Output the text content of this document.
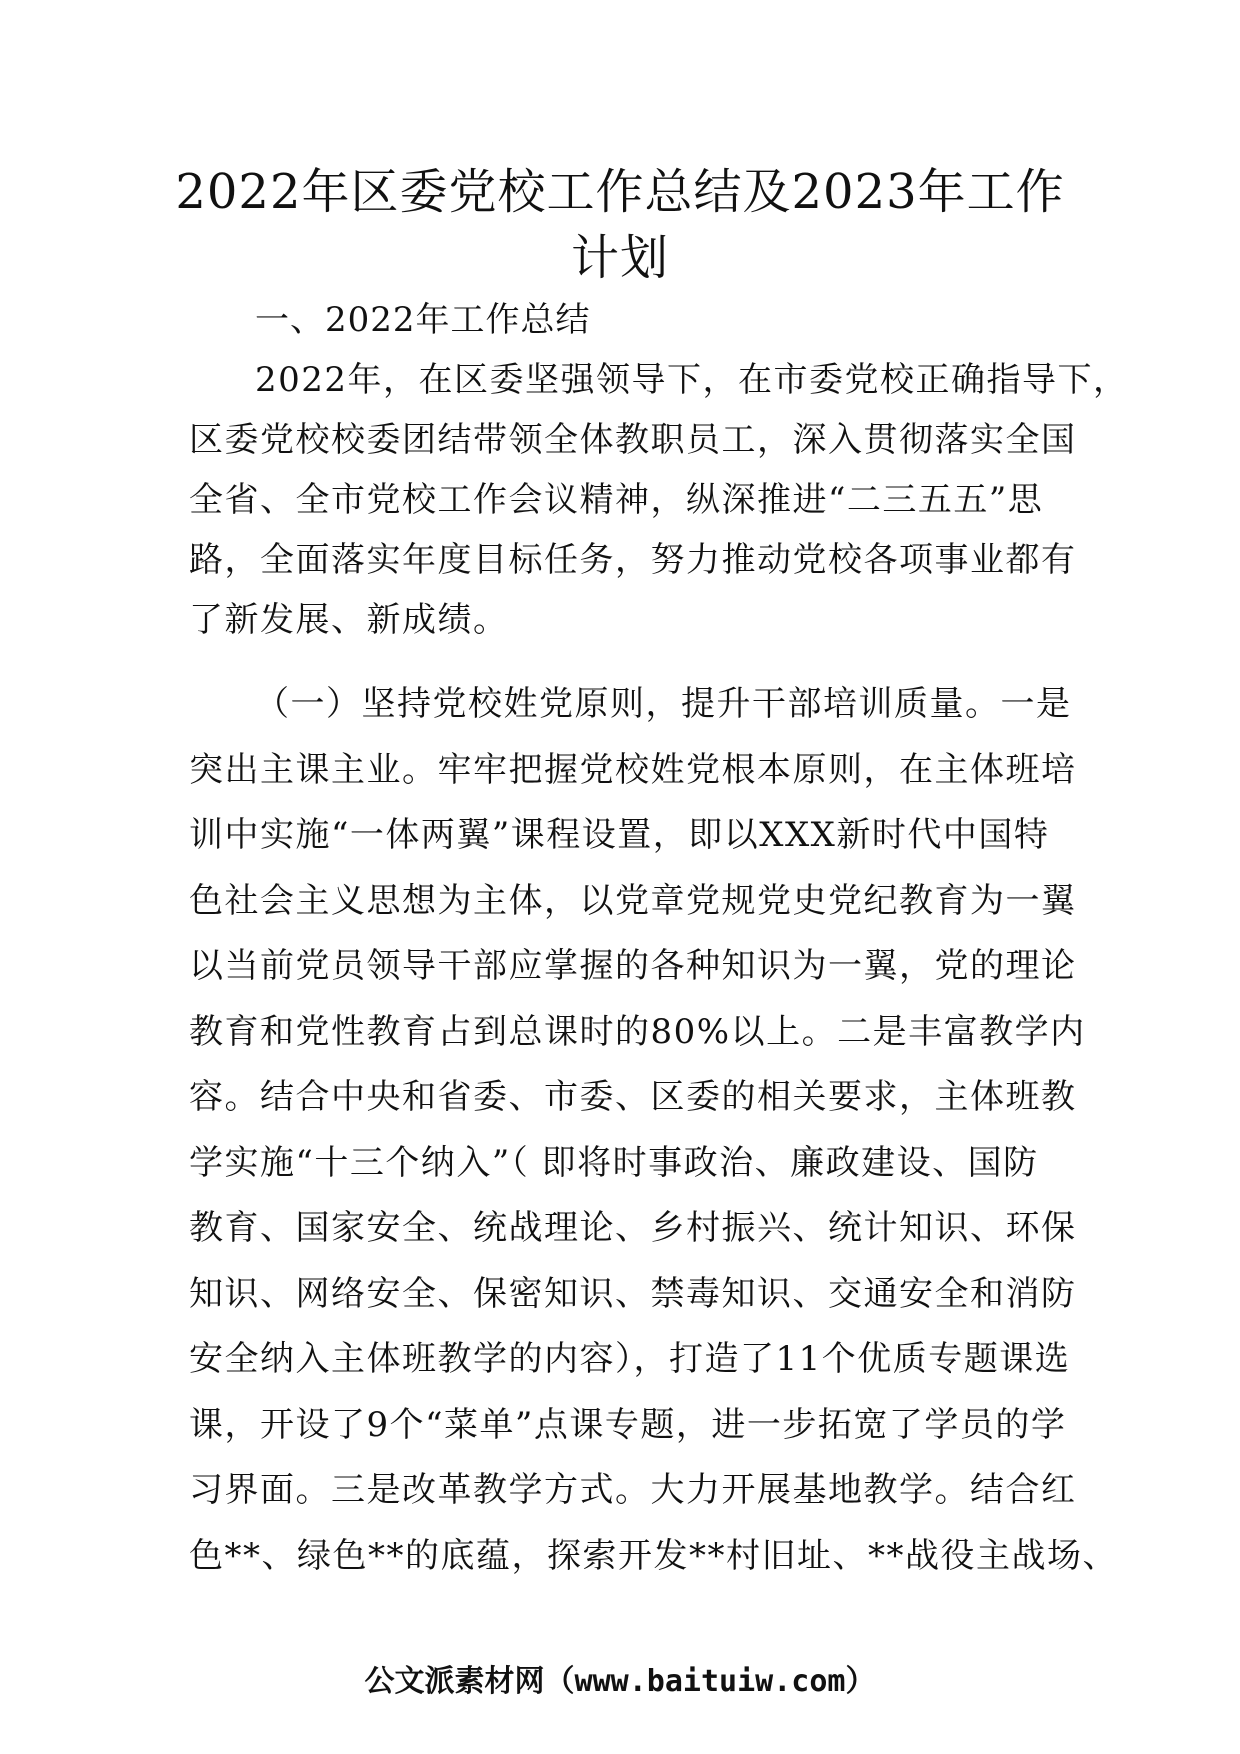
2022年区委党校工作总结及2023年工作
计划

一、2022年工作总结

2022年，在区委坚强领导下，在市委党校正确指导下，

区委党校校委团结带领全体教职员工，深入贯彻落实全国

全省、全市党校工作会议精神，纵深推进“二三五五”思

路，全面落实年度目标任务，努力推动党校各项事业都有

了新发展、新成绩。

（一）坚持党校姓党原则，提升干部培训质量。一是

突出主课主业。牢牢把握党校姓党根本原则，在主体班培

训中实施“一体两翼”课程设置，即以XXX新时代中国特

色社会主义思想为主体，以党章党规党史党纪教育为一翼

以当前党员领导干部应掌握的各种知识为一翼，党的理论

教育和党性教育占到总课时的80%以上。二是丰富教学内

容。结合中央和省委、市委、区委的相关要求，主体班教

学实施“十三个纳入”（ 即将时事政治、廉政建设、国防

教育、国家安全、统战理论、乡村振兴、统计知识、环保

知识、网络安全、保密知识、禁毒知识、交通安全和消防

安全纳入主体班教学的内容），打造了11个优质专题课选

课，开设了9个“菜单”点课专题，进一步拓宽了学员的学

习界面。三是改革教学方式。大力开展基地教学。结合红

色**、绿色**的底蕴，探索开发**村旧址、**战役主战场、

公文派素材网（www.baituiw.com）
